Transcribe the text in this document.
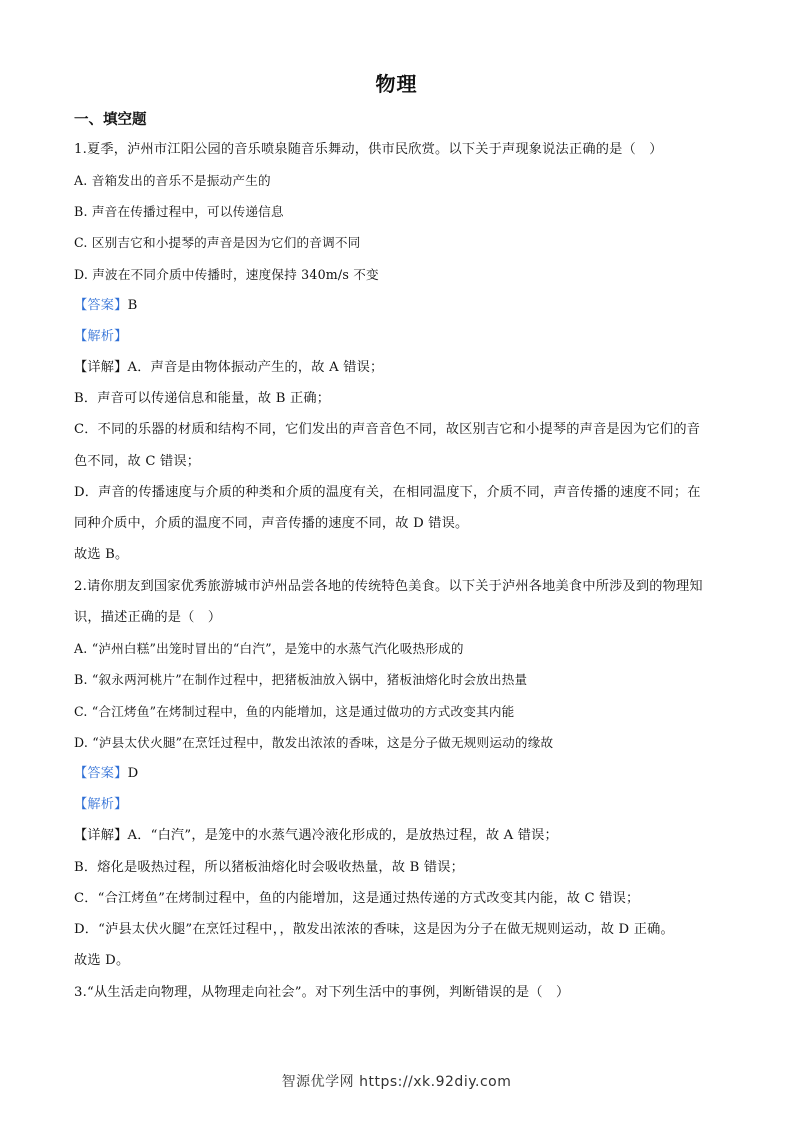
物理
一、填空题
1.夏季，泸州市江阳公园的音乐喷泉随音乐舞动，供市民欣赏。以下关于声现象说法正确的是（　）
A. 音箱发出的音乐不是振动产生的
B. 声音在传播过程中，可以传递信息
C. 区别吉它和小提琴的声音是因为它们的音调不同
D. 声波在不同介质中传播时，速度保持 340m/s 不变
【答案】B
【解析】
【详解】A．声音是由物体振动产生的，故 A 错误；
B．声音可以传递信息和能量，故 B 正确；
C．不同的乐器的材质和结构不同，它们发出的声音音色不同，故区别吉它和小提琴的声音是因为它们的音
色不同，故 C 错误；
D．声音的传播速度与介质的种类和介质的温度有关，在相同温度下，介质不同，声音传播的速度不同；在
同种介质中，介质的温度不同，声音传播的速度不同，故 D 错误。
故选 B。
2.请你朋友到国家优秀旅游城市泸州品尝各地的传统特色美食。以下关于泸州各地美食中所涉及到的物理知
识，描述正确的是（　）
A. “泸州白糕”出笼时冒出的“白汽”，是笼中的水蒸气汽化吸热形成的
B. “叙永两河桃片”在制作过程中，把猪板油放入锅中，猪板油熔化时会放出热量
C. “合江烤鱼”在烤制过程中，鱼的内能增加，这是通过做功的方式改变其内能
D. “泸县太伏火腿”在烹饪过程中，散发出浓浓的香味，这是分子做无规则运动的缘故
【答案】D
【解析】
【详解】A．“白汽”，是笼中的水蒸气遇冷液化形成的，是放热过程，故 A 错误；
B．熔化是吸热过程，所以猪板油熔化时会吸收热量，故 B 错误；
C．“合江烤鱼”在烤制过程中，鱼的内能增加，这是通过热传递的方式改变其内能，故 C 错误；
D．“泸县太伏火腿”在烹饪过程中，，散发出浓浓的香味，这是因为分子在做无规则运动，故 D 正确。
故选 D。
3.“从生活走向物理，从物理走向社会”。对下列生活中的事例，判断错误的是（　）
智源优学网 https://xk.92diy.com
